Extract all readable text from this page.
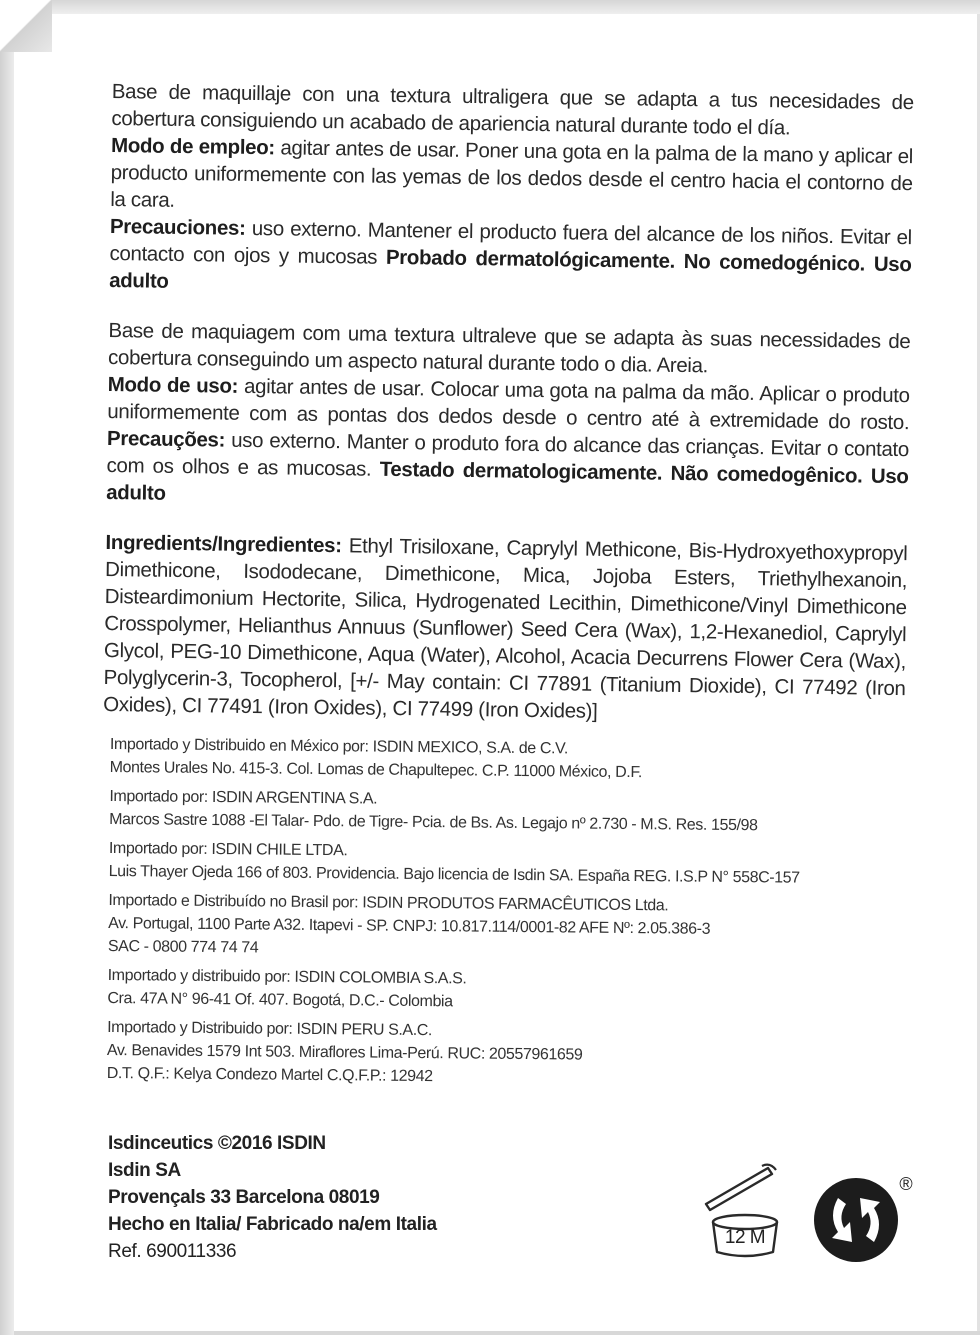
Base de maquillaje con una textura ultraligera que se adapta a tus necesidades de cobertura consiguiendo un acabado de apariencia natural durante todo el día.

Modo de empleo: agitar antes de usar. Poner una gota en la palma de la mano y aplicar el producto uniformemente con las yemas de los dedos desde el centro hacia el contorno de la cara.

Precauciones: uso externo. Mantener el producto fuera del alcance de los niños. Evitar el contacto con ojos y mucosas Probado dermatológicamente. No comedogénico. Uso adulto

Base de maquiagem com uma textura ultraleve que se adapta às suas necessidades de cobertura conseguindo um aspecto natural durante todo o dia. Areia.

Modo de uso: agitar antes de usar. Colocar uma gota na palma da mão. Aplicar o produto uniformemente com as pontas dos dedos desde o centro até à extremidade do rosto. Precauções: uso externo. Manter o produto fora do alcance das crianças. Evitar o contato com os olhos e as mucosas. Testado dermatologicamente. Não comedogênico. Uso adulto

Ingredients/Ingredientes: Ethyl Trisiloxane, Caprylyl Methicone, Bis-Hydroxyethoxypropyl Dimethicone, Isododecane, Dimethicone, Mica, Jojoba Esters, Triethylhexanoin, Disteardimonium Hectorite, Silica, Hydrogenated Lecithin, Dimethicone/Vinyl Dimethicone Crosspolymer, Helianthus Annuus (Sunflower) Seed Cera (Wax), 1,2-Hexanediol, Caprylyl Glycol, PEG-10 Dimethicone, Aqua (Water), Alcohol, Acacia Decurrens Flower Cera (Wax), Polyglycerin-3, Tocopherol, [+/- May contain: CI 77891 (Titanium Dioxide), CI 77492 (Iron Oxides), CI 77491 (Iron Oxides), CI 77499 (Iron Oxides)]

Importado y Distribuido en México por: ISDIN MEXICO, S.A. de C.V.
Montes Urales No. 415-3. Col. Lomas de Chapultepec. C.P. 11000 México, D.F.
Importado por: ISDIN ARGENTINA S.A.
Marcos Sastre 1088 -El Talar- Pdo. de Tigre- Pcia. de Bs. As. Legajo nº 2.730 - M.S. Res. 155/98
Importado por: ISDIN CHILE LTDA.
Luis Thayer Ojeda 166 of 803. Providencia. Bajo licencia de Isdin SA. España REG. I.S.P N° 558C-157
Importado e Distribuído no Brasil por: ISDIN PRODUTOS FARMACÊUTICOS Ltda.
Av. Portugal, 1100 Parte A32. Itapevi - SP. CNPJ: 10.817.114/0001-82 AFE Nº: 2.05.386-3
SAC - 0800 774 74 74
Importado y distribuido por: ISDIN COLOMBIA S.A.S.
Cra. 47A N° 96-41 Of. 407. Bogotá, D.C.- Colombia
Importado y Distribuido por: ISDIN PERU S.A.C.
Av. Benavides 1579 Int 503. Miraflores Lima-Perú. RUC: 20557961659
D.T. Q.F.: Kelya Condezo Martel C.Q.F.P.: 12942
Isdinceutics ©2016 ISDIN
Isdin SA
Provençals 33 Barcelona 08019
Hecho en Italia/ Fabricado na/em Italia
Ref. 690011336
12 M
®
